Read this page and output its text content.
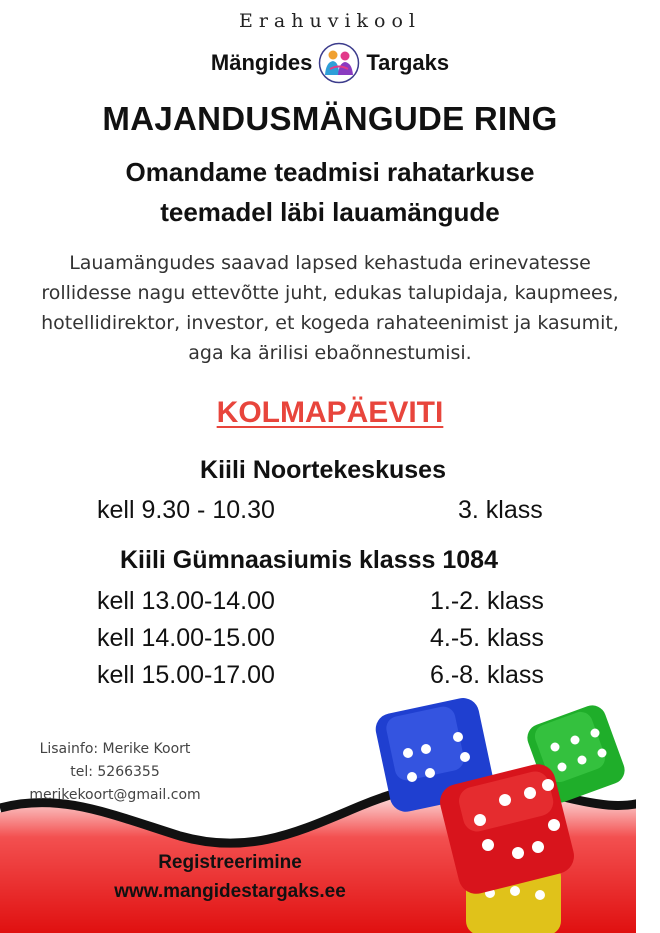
Erahuvikool
Mängides Targaks
MAJANDUSMÄNGUDE RING
Omandame teadmisi rahatarkuse
teemadel läbi lauamängude
Lauamängudes saavad lapsed kehastuda erinevatesse
rollidesse nagu ettevõtte juht, edukas talupidaja, kaupmees,
hotellidirektor, investor, et kogeda rahateenimist ja kasumit,
aga ka ärilisi ebaõnnestumisi.
KOLMAPÄEVITI
Kiili Noortekeskuses
kell 9.30 - 10.30	3. klass
Kiili Gümnaasiumis klasss 1084
kell 13.00-14.00	1.-2. klass
kell 14.00-15.00	4.-5. klass
kell 15.00-17.00	6.-8. klass
Lisainfo: Merike Koort
tel: 5266355
merikekoort@gmail.com
Registreerimine
www.mangidestargaks.ee
